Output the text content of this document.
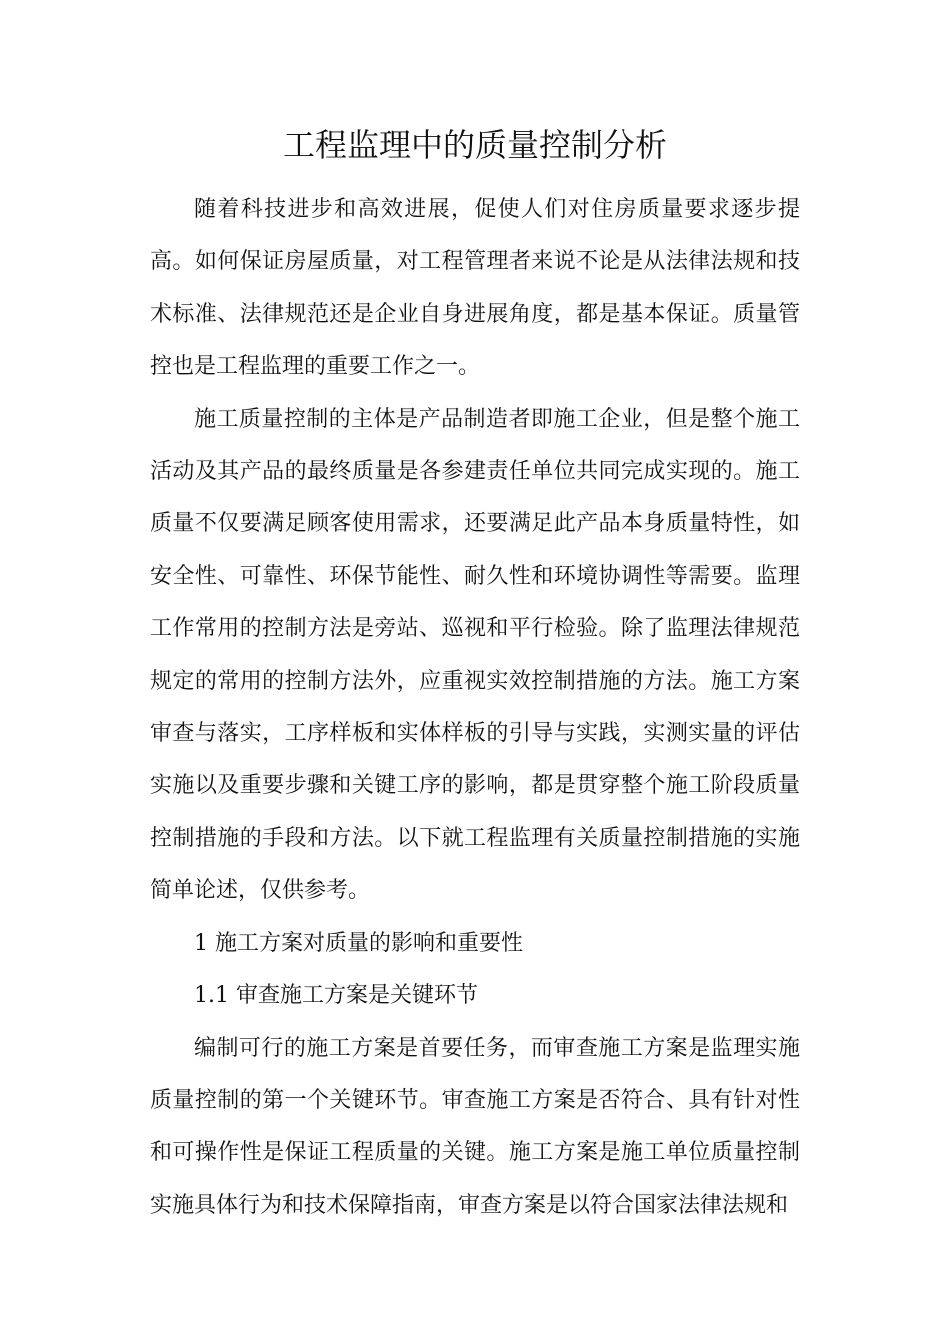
工程监理中的质量控制分析

随着科技进步和高效进展，促使人们对住房质量要求逐步提高。如何保证房屋质量，对工程管理者来说不论是从法律法规和技术标准、法律规范还是企业自身进展角度，都是基本保证。质量管控也是工程监理的重要工作之一。

施工质量控制的主体是产品制造者即施工企业，但是整个施工活动及其产品的最终质量是各参建责任单位共同完成实现的。施工质量不仅要满足顾客使用需求，还要满足此产品本身质量特性，如安全性、可靠性、环保节能性、耐久性和环境协调性等需要。监理工作常用的控制方法是旁站、巡视和平行检验。除了监理法律规范规定的常用的控制方法外，应重视实效控制措施的方法。施工方案审查与落实，工序样板和实体样板的引导与实践，实测实量的评估实施以及重要步骤和关键工序的影响，都是贯穿整个施工阶段质量控制措施的手段和方法。以下就工程监理有关质量控制措施的实施简单论述，仅供参考。

1 施工方案对质量的影响和重要性

1.1 审查施工方案是关键环节

编制可行的施工方案是首要任务，而审查施工方案是监理实施质量控制的第一个关键环节。审查施工方案是否符合、具有针对性和可操作性是保证工程质量的关键。施工方案是施工单位质量控制实施具体行为和技术保障指南，审查方案是以符合国家法律法规和
